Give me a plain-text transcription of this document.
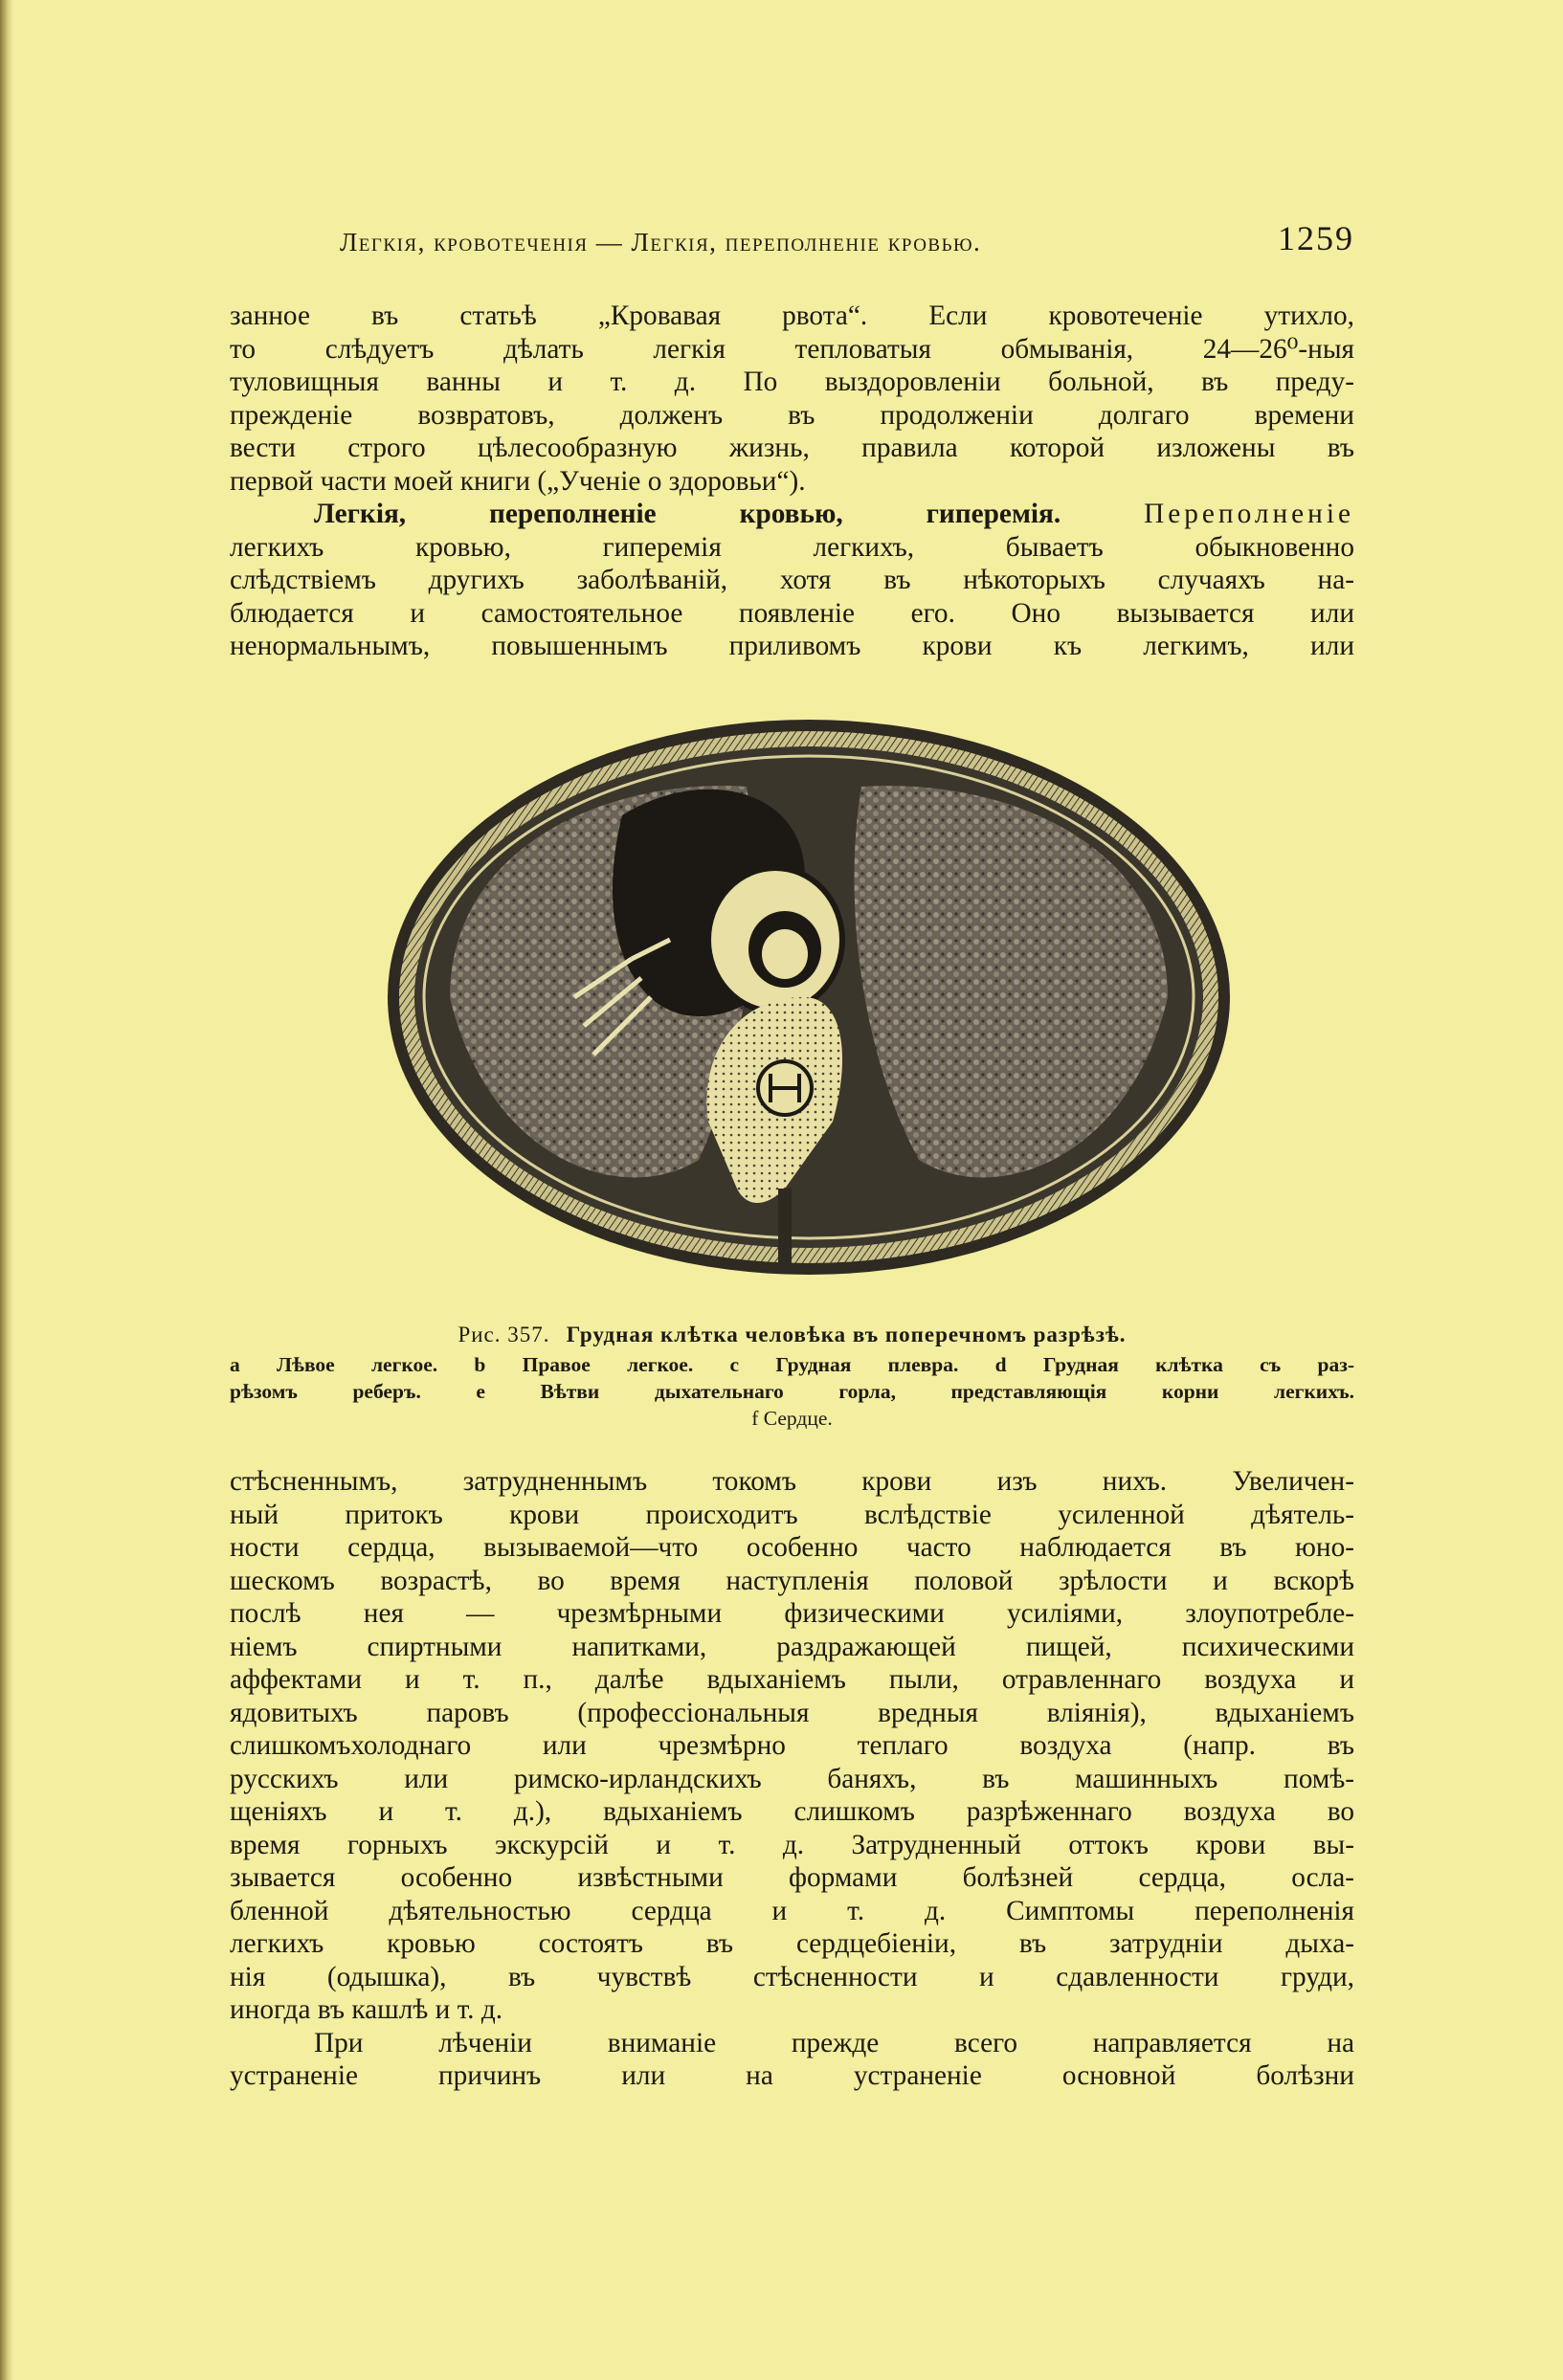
Легкія, кровотеченія — Легкія, переполненіе кровью.	1259
занное въ статьѣ „Кровавая рвота“. Если кровотеченіе утихло,
то слѣдуетъ дѣлать легкія тепловатыя обмыванія, 24—26⁰-ныя
туловищныя ванны и т. д. По выздоровленіи больной, въ преду-
прежденіе возвратовъ, долженъ въ продолженіи долгаго времени
вести строго цѣлесообразную жизнь, правила которой изложены въ
первой части моей книги („Ученіе о здоровьи“).
Легкія, переполненіе кровью, гиперемія.	Переполненіе
легкихъ кровью, гиперемія легкихъ, бываетъ обыкновенно
слѣдствіемъ другихъ заболѣваній, хотя въ нѣкоторыхъ случаяхъ на-
блюдается и самостоятельное появленіе его. Оно вызывается или
ненормальнымъ, повышеннымъ приливомъ крови къ легкимъ, или
Рис. 357. Грудная клѣтка человѣка въ поперечномъ разрѣзѣ.
a Лѣвое легкое. b Правое легкое. c Грудная плевра. d Грудная клѣтка съ раз-
рѣзомъ реберъ. e Вѣтви дыхательнаго горла, представляющія корни легкихъ.
f Сердце.
стѣсненнымъ, затрудненнымъ токомъ крови изъ нихъ. Увеличен-
ный притокъ крови происходитъ вслѣдствіе усиленной дѣятель-
ности сердца, вызываемой—что особенно часто наблюдается въ юно-
шескомъ возрастѣ, во время наступленія половой зрѣлости и вскорѣ
послѣ нея — чрезмѣрными физическими усиліями, злоупотребле-
ніемъ спиртными напитками, раздражающей пищей, психическими
аффектами и т. п., далѣе вдыханіемъ пыли, отравленнаго воздуха и
ядовитыхъ паровъ (профессіональныя вредныя вліянія), вдыханіемъ
слишкомъхолоднаго или чрезмѣрно теплаго воздуха (напр. въ
русскихъ или римско-ирландскихъ баняхъ, въ машинныхъ помѣ-
щеніяхъ и т. д.), вдыханіемъ слишкомъ разрѣженнаго воздуха во
время горныхъ экскурсій и т. д. Затрудненный оттокъ крови вы-
зывается особенно извѣстными формами болѣзней сердца, осла-
бленной дѣятельностью сердца и т. д. Симптомы переполненія
легкихъ кровью состоятъ въ сердцебіеніи, въ затрудніи дыха-
нія (одышка), въ чувствѣ стѣсненности и сдавленности груди,
иногда въ кашлѣ и т. д.
При лѣченіи вниманіе прежде всего направляется на
устраненіе причинъ или на устраненіе основной болѣзни
